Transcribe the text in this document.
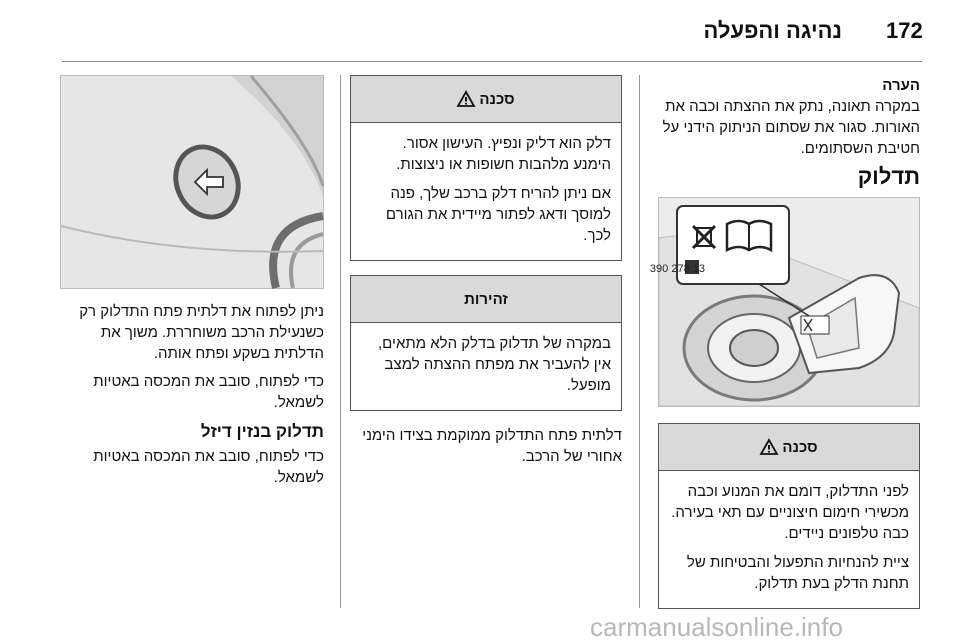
172
נהיגה והפעלה

הערה

במקרה תאונה, נתק את ההצתה וכבה את האורות. סגור את שסתום הניתוק הידני על חטיבת השסתומים.

תדלוק
13 278 390
סכנה

לפני התדלוק, דומם את המנוע וכבה מכשירי חימום חיצוניים עם תאי בעירה. כבה טלפונים ניידים.

ציית להנחיות התפעול והבטיחות של תחנת הדלק בעת תדלוק.

סכנה

דלק הוא דליק ונפיץ. העישון אסור. הימנע מלהבות חשופות או ניצוצות.

אם ניתן להריח דלק ברכב שלך, פנה למוסך ודאג לפתור מיידית את הגורם לכך.

זהירות

במקרה של תדלוק בדלק הלא מתאים, אין להעביר את מפתח ההצתה למצב מופעל.

דלתית פתח התדלוק ממוקמת בצידו הימני אחורי של הרכב.

ניתן לפתוח את דלתית פתח התדלוק רק כשנעילת הרכב משוחררת. משוך את הדלתית בשקע ופתח אותה.

כדי לפתוח, סובב את המכסה באטיות לשמאל.

תדלוק בנזין דיזל

כדי לפתוח, סובב את המכסה באטיות לשמאל.

carmanualsonline.info
